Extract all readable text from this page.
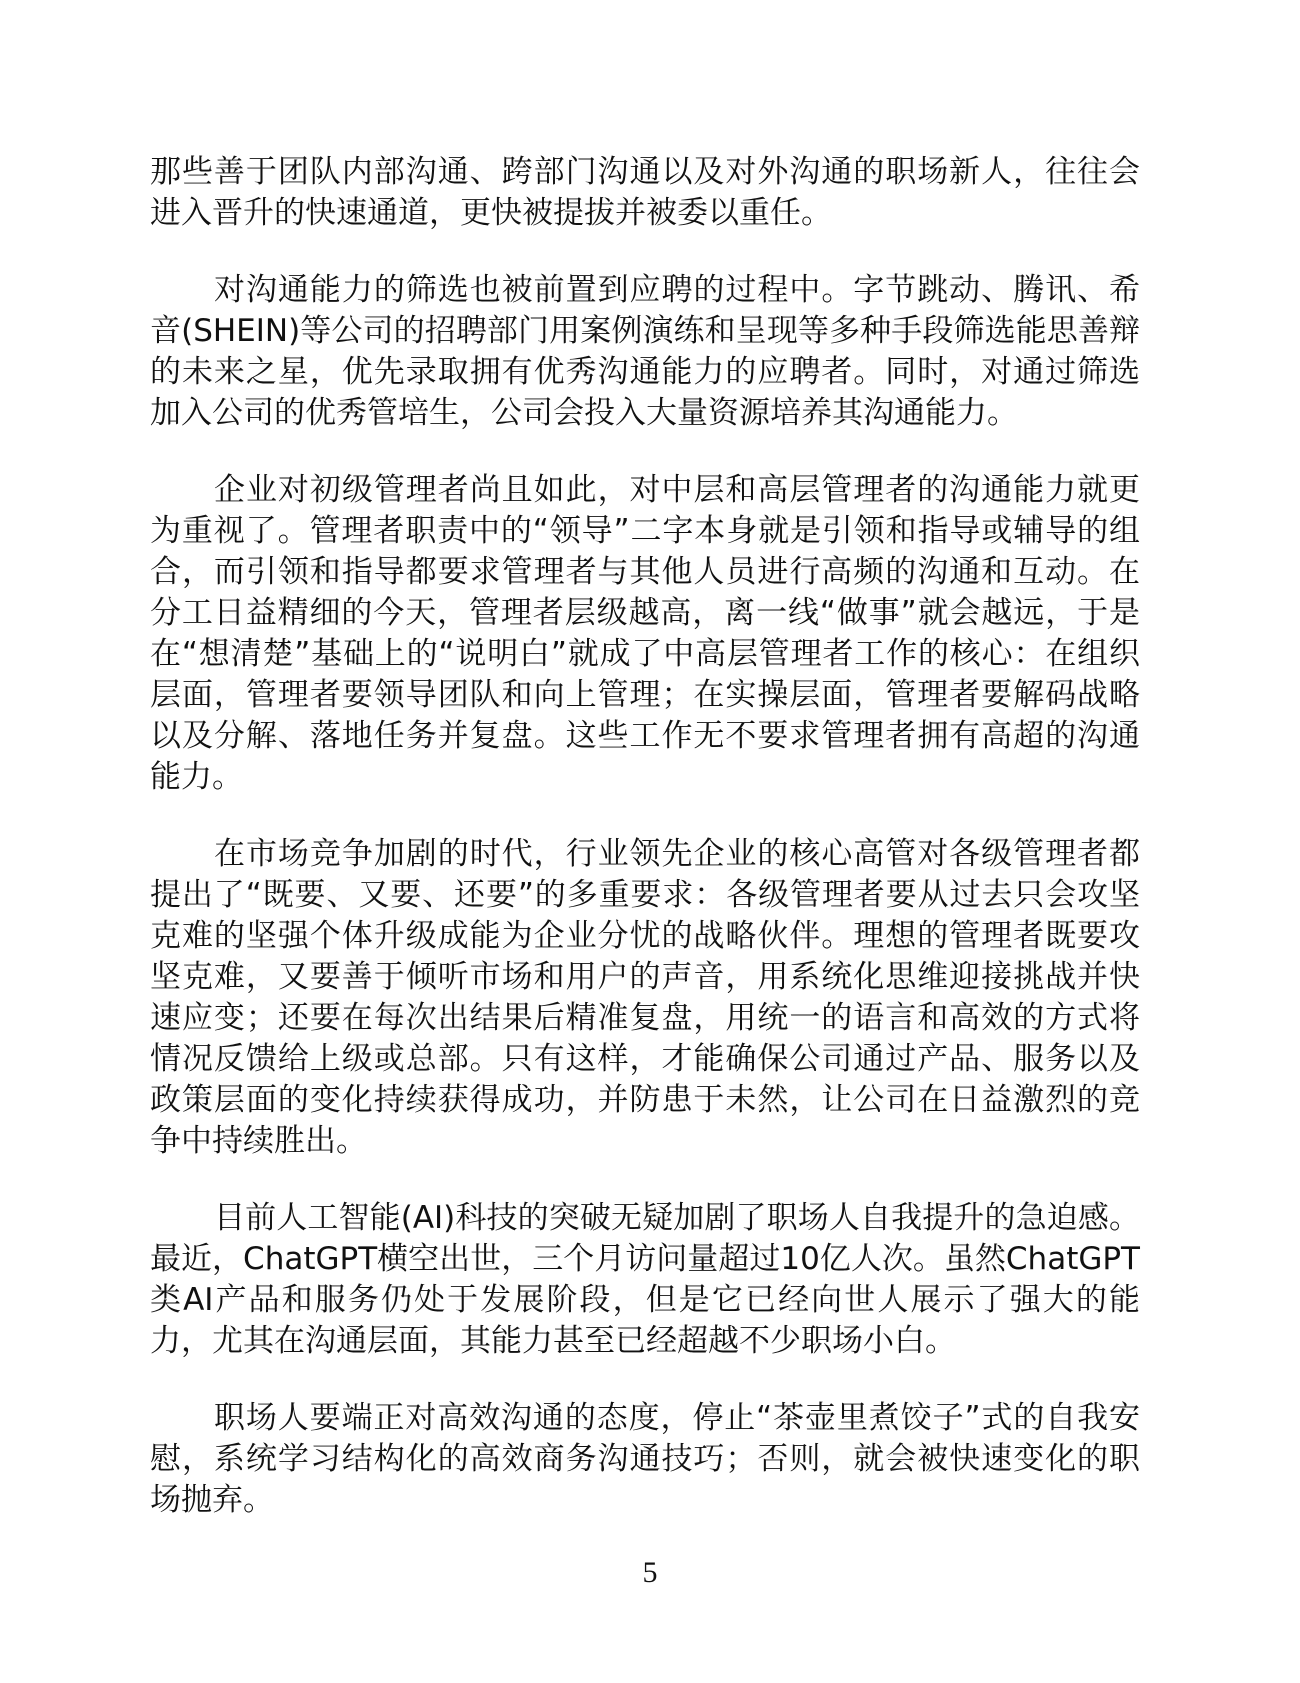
那些善于团队内部沟通、跨部门沟通以及对外沟通的职场新人，往往会进入晋升的快速通道，更快被提拔并被委以重任。

对沟通能力的筛选也被前置到应聘的过程中。字节跳动、腾讯、希音(SHEIN)等公司的招聘部门用案例演练和呈现等多种手段筛选能思善辩的未来之星，优先录取拥有优秀沟通能力的应聘者。同时，对通过筛选加入公司的优秀管培生，公司会投入大量资源培养其沟通能力。

企业对初级管理者尚且如此，对中层和高层管理者的沟通能力就更为重视了。管理者职责中的“领导”二字本身就是引领和指导或辅导的组合，而引领和指导都要求管理者与其他人员进行高频的沟通和互动。在分工日益精细的今天，管理者层级越高，离一线“做事”就会越远，于是在“想清楚”基础上的“说明白”就成了中高层管理者工作的核心：在组织层面，管理者要领导团队和向上管理；在实操层面，管理者要解码战略以及分解、落地任务并复盘。这些工作无不要求管理者拥有高超的沟通能力。

在市场竞争加剧的时代，行业领先企业的核心高管对各级管理者都提出了“既要、又要、还要”的多重要求：各级管理者要从过去只会攻坚克难的坚强个体升级成能为企业分忧的战略伙伴。理想的管理者既要攻坚克难，又要善于倾听市场和用户的声音，用系统化思维迎接挑战并快速应变；还要在每次出结果后精准复盘，用统一的语言和高效的方式将情况反馈给上级或总部。只有这样，才能确保公司通过产品、服务以及政策层面的变化持续获得成功，并防患于未然，让公司在日益激烈的竞争中持续胜出。

目前人工智能(AI)科技的突破无疑加剧了职场人自我提升的急迫感。最近，ChatGPT横空出世，三个月访问量超过10亿人次。虽然ChatGPT类AI产品和服务仍处于发展阶段，但是它已经向世人展示了强大的能力，尤其在沟通层面，其能力甚至已经超越不少职场小白。

职场人要端正对高效沟通的态度，停止“茶壶里煮饺子”式的自我安慰，系统学习结构化的高效商务沟通技巧；否则，就会被快速变化的职场抛弃。

5
